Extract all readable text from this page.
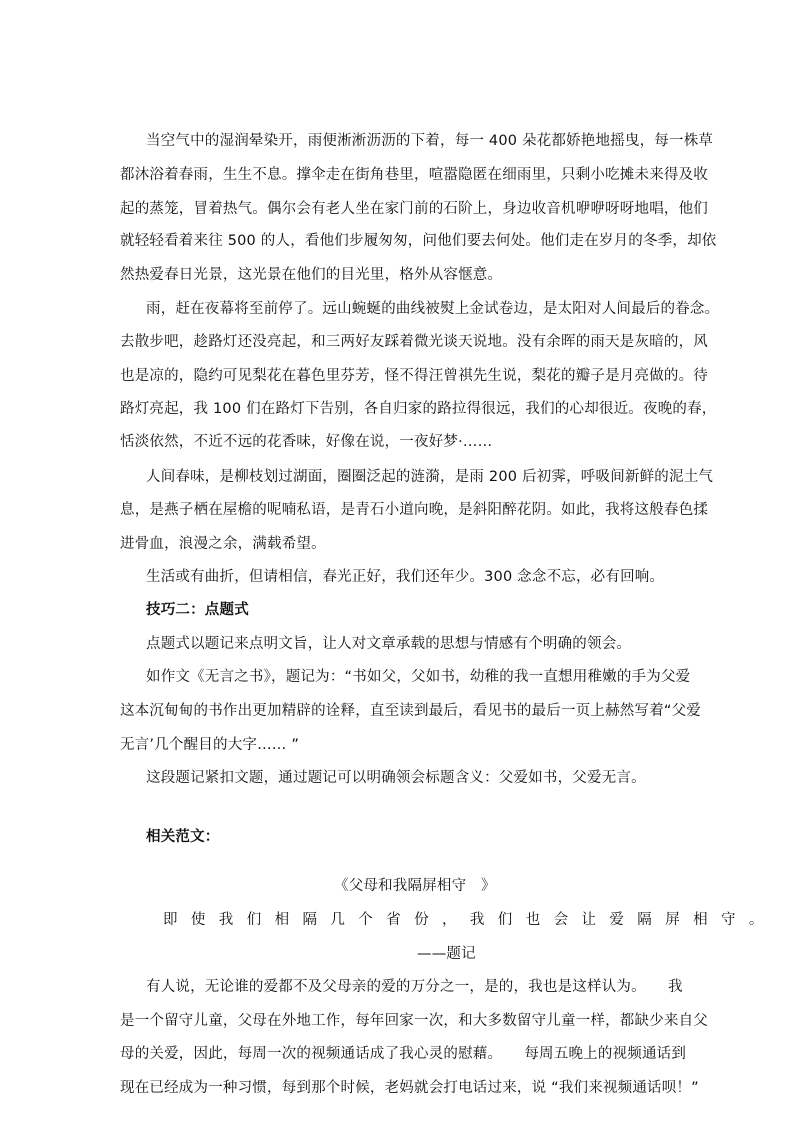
当空气中的湿润晕染开，雨便淅淅沥沥的下着，每一 400 朵花都娇艳地摇曳，每一株草
都沐浴着春雨，生生不息。撑伞走在街角巷里，喧嚣隐匿在细雨里，只剩小吃摊未来得及收
起的蒸笼，冒着热气。偶尔会有老人坐在家门前的石阶上，身边收音机咿咿呀呀地唱，他们
就轻轻看着来往 500 的人，看他们步履匆匆，问他们要去何处。他们走在岁月的冬季，却依
然热爱春日光景，这光景在他们的目光里，格外从容惬意。
雨，赶在夜幕将至前停了。远山蜿蜒的曲线被熨上金试卷边，是太阳对人间最后的眷念。
去散步吧，趁路灯还没亮起，和三两好友踩着微光谈天说地。没有余晖的雨天是灰暗的，风
也是凉的，隐约可见梨花在暮色里芬芳，怪不得汪曾祺先生说，梨花的瓣子是月亮做的。待
路灯亮起，我 100 们在路灯下告别，各自归家的路拉得很远，我们的心却很近。夜晚的春，
恬淡依然，不近不远的花香味，好像在说，一夜好梦·……
人间春味，是柳枝划过湖面，圈圈泛起的涟漪，是雨 200 后初霁，呼吸间新鲜的泥土气
息，是燕子栖在屋檐的呢喃私语，是青石小道向晚，是斜阳醉花阴。如此，我将这般春色揉
进骨血，浪漫之余，满载希望。
生活或有曲折，但请相信，春光正好，我们还年少。300 念念不忘，必有回响。
技巧二：点题式
点题式以题记来点明文旨，让人对文章承载的思想与情感有个明确的领会。
如作文《无言之书》，题记为：“书如父，父如书，幼稚的我一直想用稚嫩的手为父爱
这本沉甸甸的书作出更加精辟的诠释，直至读到最后，看见书的最后一页上赫然写着“父爱
无言’几个醒目的大字…… ”
这段题记紧扣文题，通过题记可以明确领会标题含义：父爱如书，父爱无言。
相关范文：
《父母和我隔屏相守　》
即使我们相隔几个省份，我们也会让爱隔屏相守。
——题记
有人说，无论谁的爱都不及父母亲的爱的万分之一，是的，我也是这样认为。　　我
是一个留守儿童，父母在外地工作，每年回家一次，和大多数留守儿童一样，都缺少来自父
母的关爱，因此，每周一次的视频通话成了我心灵的慰藉。　　每周五晚上的视频通话到
现在已经成为一种习惯，每到那个时候，老妈就会打电话过来，说 “我们来视频通话呗！”
